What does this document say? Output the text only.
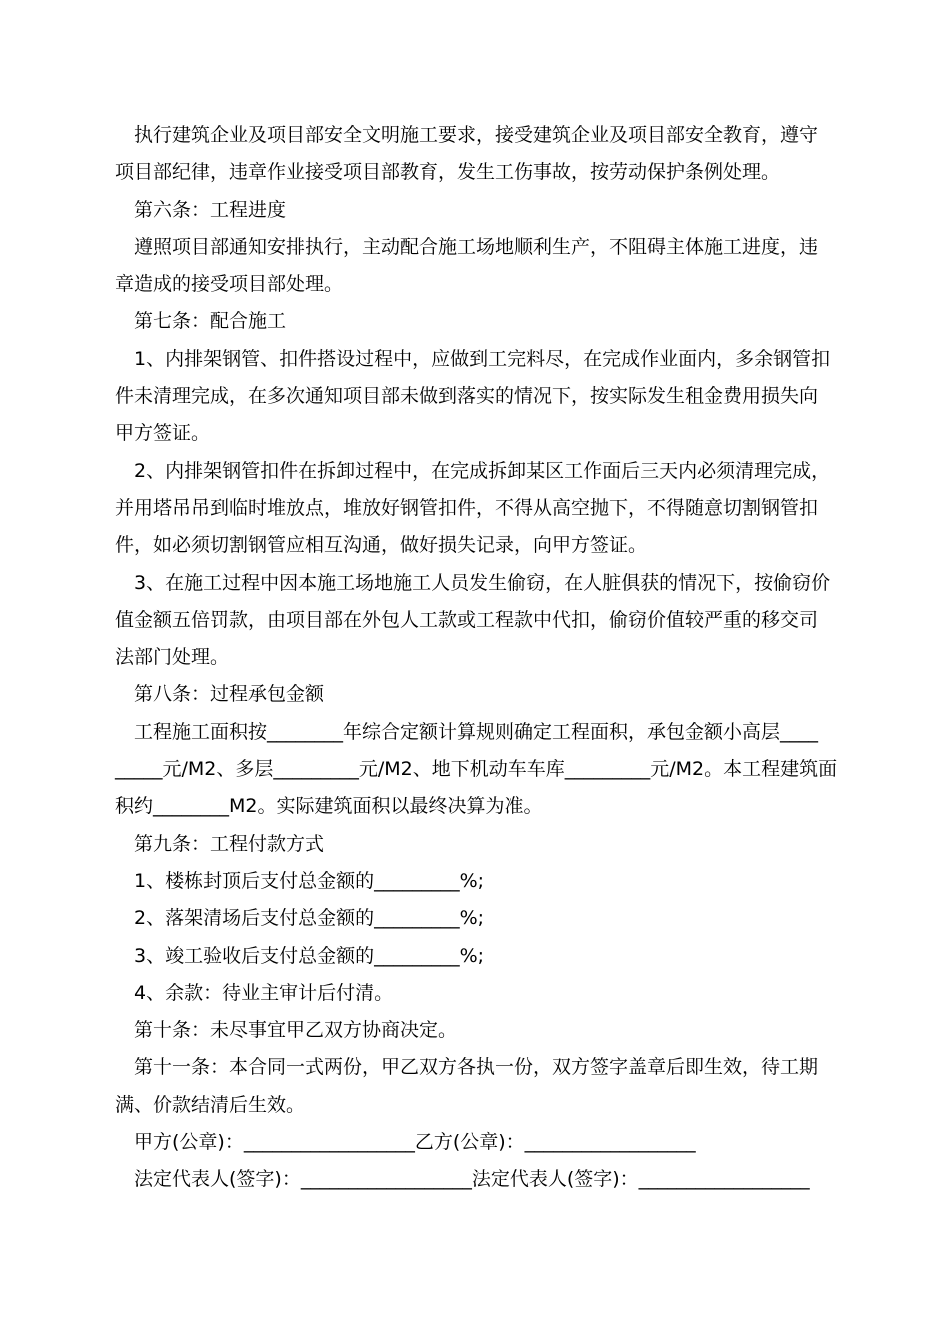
　执行建筑企业及项目部安全文明施工要求，接受建筑企业及项目部安全教育，遵守
项目部纪律，违章作业接受项目部教育，发生工伤事故，按劳动保护条例处理。
　第六条：工程进度
　遵照项目部通知安排执行，主动配合施工场地顺利生产，不阻碍主体施工进度，违
章造成的接受项目部处理。
　第七条：配合施工
　1、内排架钢管、扣件搭设过程中，应做到工完料尽，在完成作业面内，多余钢管扣
件未清理完成，在多次通知项目部未做到落实的情况下，按实际发生租金费用损失向
甲方签证。
　2、内排架钢管扣件在拆卸过程中，在完成拆卸某区工作面后三天内必须清理完成，
并用塔吊吊到临时堆放点，堆放好钢管扣件，不得从高空抛下，不得随意切割钢管扣
件，如必须切割钢管应相互沟通，做好损失记录，向甲方签证。
　3、在施工过程中因本施工场地施工人员发生偷窃，在人脏俱获的情况下，按偷窃价
值金额五倍罚款，由项目部在外包人工款或工程款中代扣，偷窃价值较严重的移交司
法部门处理。
　第八条：过程承包金额
　工程施工面积按________年综合定额计算规则确定工程面积，承包金额小高层____
_____元/M2、多层_________元/M2、地下机动车车库_________元/M2。本工程建筑面
积约________M2。实际建筑面积以最终决算为准。
　第九条：工程付款方式
　1、楼栋封顶后支付总金额的_________%;
　2、落架清场后支付总金额的_________%;
　3、竣工验收后支付总金额的_________%;
　4、余款：待业主审计后付清。
　第十条：未尽事宜甲乙双方协商决定。
　第十一条：本合同一式两份，甲乙双方各执一份，双方签字盖章后即生效，待工期
满、价款结清后生效。
　甲方(公章)：__________________乙方(公章)：__________________
　法定代表人(签字)：__________________法定代表人(签字)：__________________
